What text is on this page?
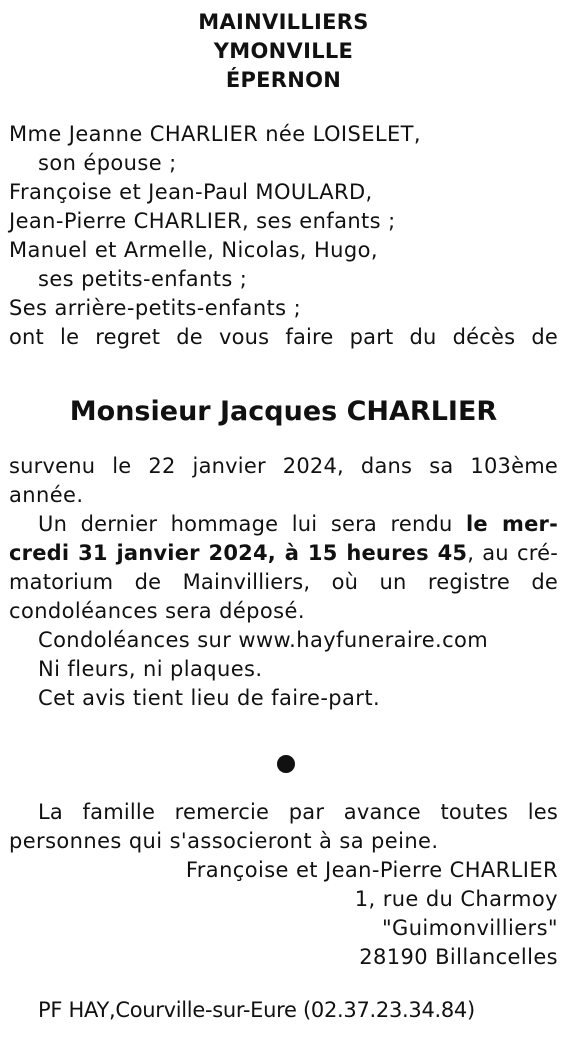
MAINVILLIERS
YMONVILLE
ÉPERNON
Mme Jeanne CHARLIER née LOISELET,
son épouse ;
Françoise et Jean-Paul MOULARD,
Jean-Pierre CHARLIER, ses enfants ;
Manuel et Armelle, Nicolas, Hugo,
ses petits-enfants ;
Ses arrière-petits-enfants ;
ont le regret de vous faire part du décès de
Monsieur Jacques CHARLIER
survenu le 22 janvier 2024, dans sa 103ème
année.
Un dernier hommage lui sera rendu le mer-
credi 31 janvier 2024, à 15 heures 45, au cré-
matorium de Mainvilliers, où un registre de
condoléances sera déposé.
Condoléances sur www.hayfuneraire.com
Ni fleurs, ni plaques.
Cet avis tient lieu de faire-part.
La famille remercie par avance toutes les
personnes qui s'associeront à sa peine.
Françoise et Jean-Pierre CHARLIER
1, rue du Charmoy
"Guimonvilliers"
28190 Billancelles
PF HAY,Courville-sur-Eure (02.37.23.34.84)
